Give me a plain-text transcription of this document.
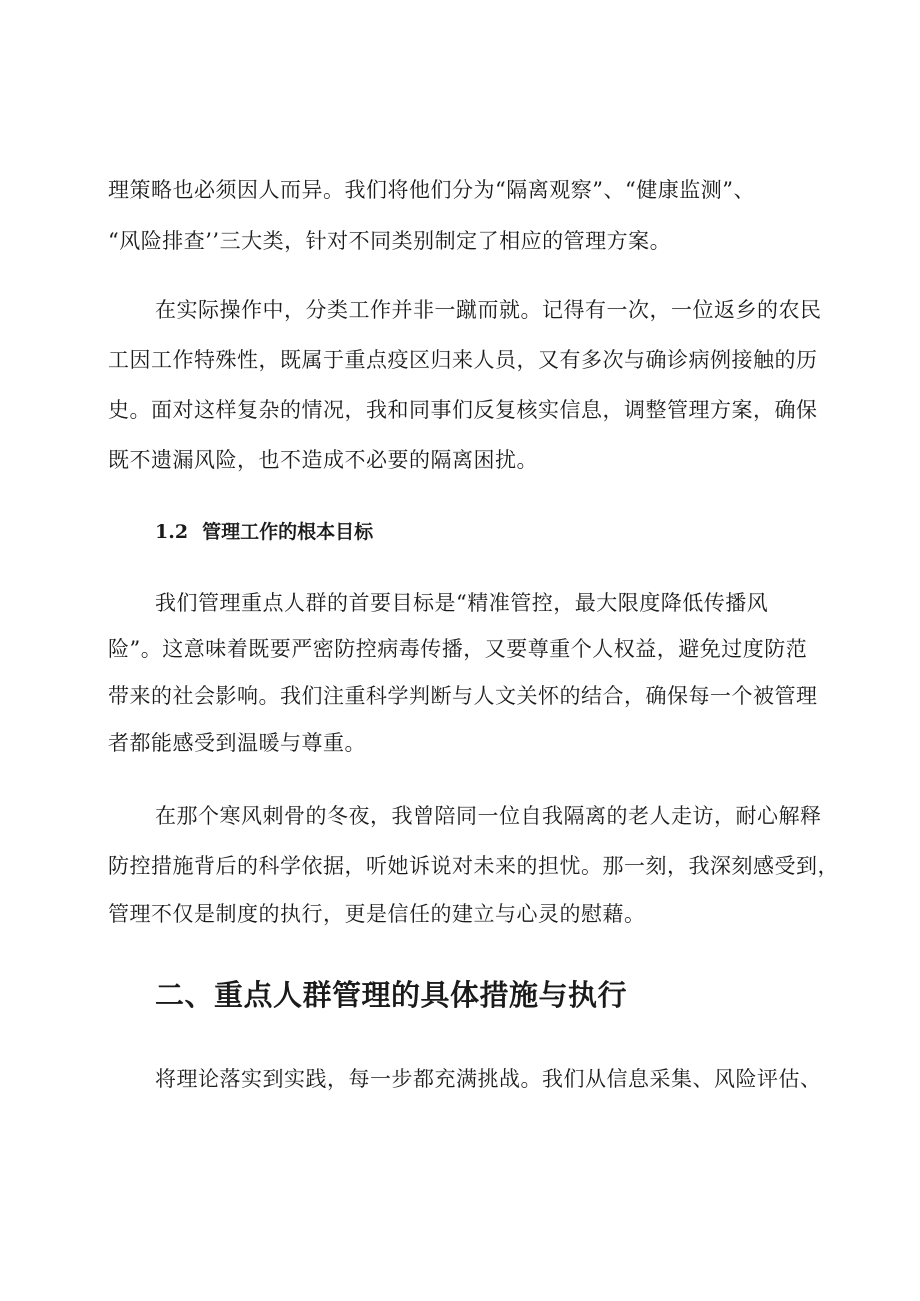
理策略也必须因人而异。我们将他们分为“隔离观察”、“健康监测”、

“风险排查’’三大类，针对不同类别制定了相应的管理方案。

在实际操作中，分类工作并非一蹴而就。记得有一次，一位返乡的农民

工因工作特殊性，既属于重点疫区归来人员，又有多次与确诊病例接触的历

史。面对这样复杂的情况，我和同事们反复核实信息，调整管理方案，确保

既不遗漏风险，也不造成不必要的隔离困扰。

1.2 管理工作的根本目标

我们管理重点人群的首要目标是“精准管控，最大限度降低传播风

险”。这意味着既要严密防控病毒传播，又要尊重个人权益，避免过度防范

带来的社会影响。我们注重科学判断与人文关怀的结合，确保每一个被管理

者都能感受到温暖与尊重。

在那个寒风刺骨的冬夜，我曾陪同一位自我隔离的老人走访，耐心解释

防控措施背后的科学依据，听她诉说对未来的担忧。那一刻，我深刻感受到，

管理不仅是制度的执行，更是信任的建立与心灵的慰藉。

二、重点人群管理的具体措施与执行

将理论落实到实践，每一步都充满挑战。我们从信息采集、风险评估、
